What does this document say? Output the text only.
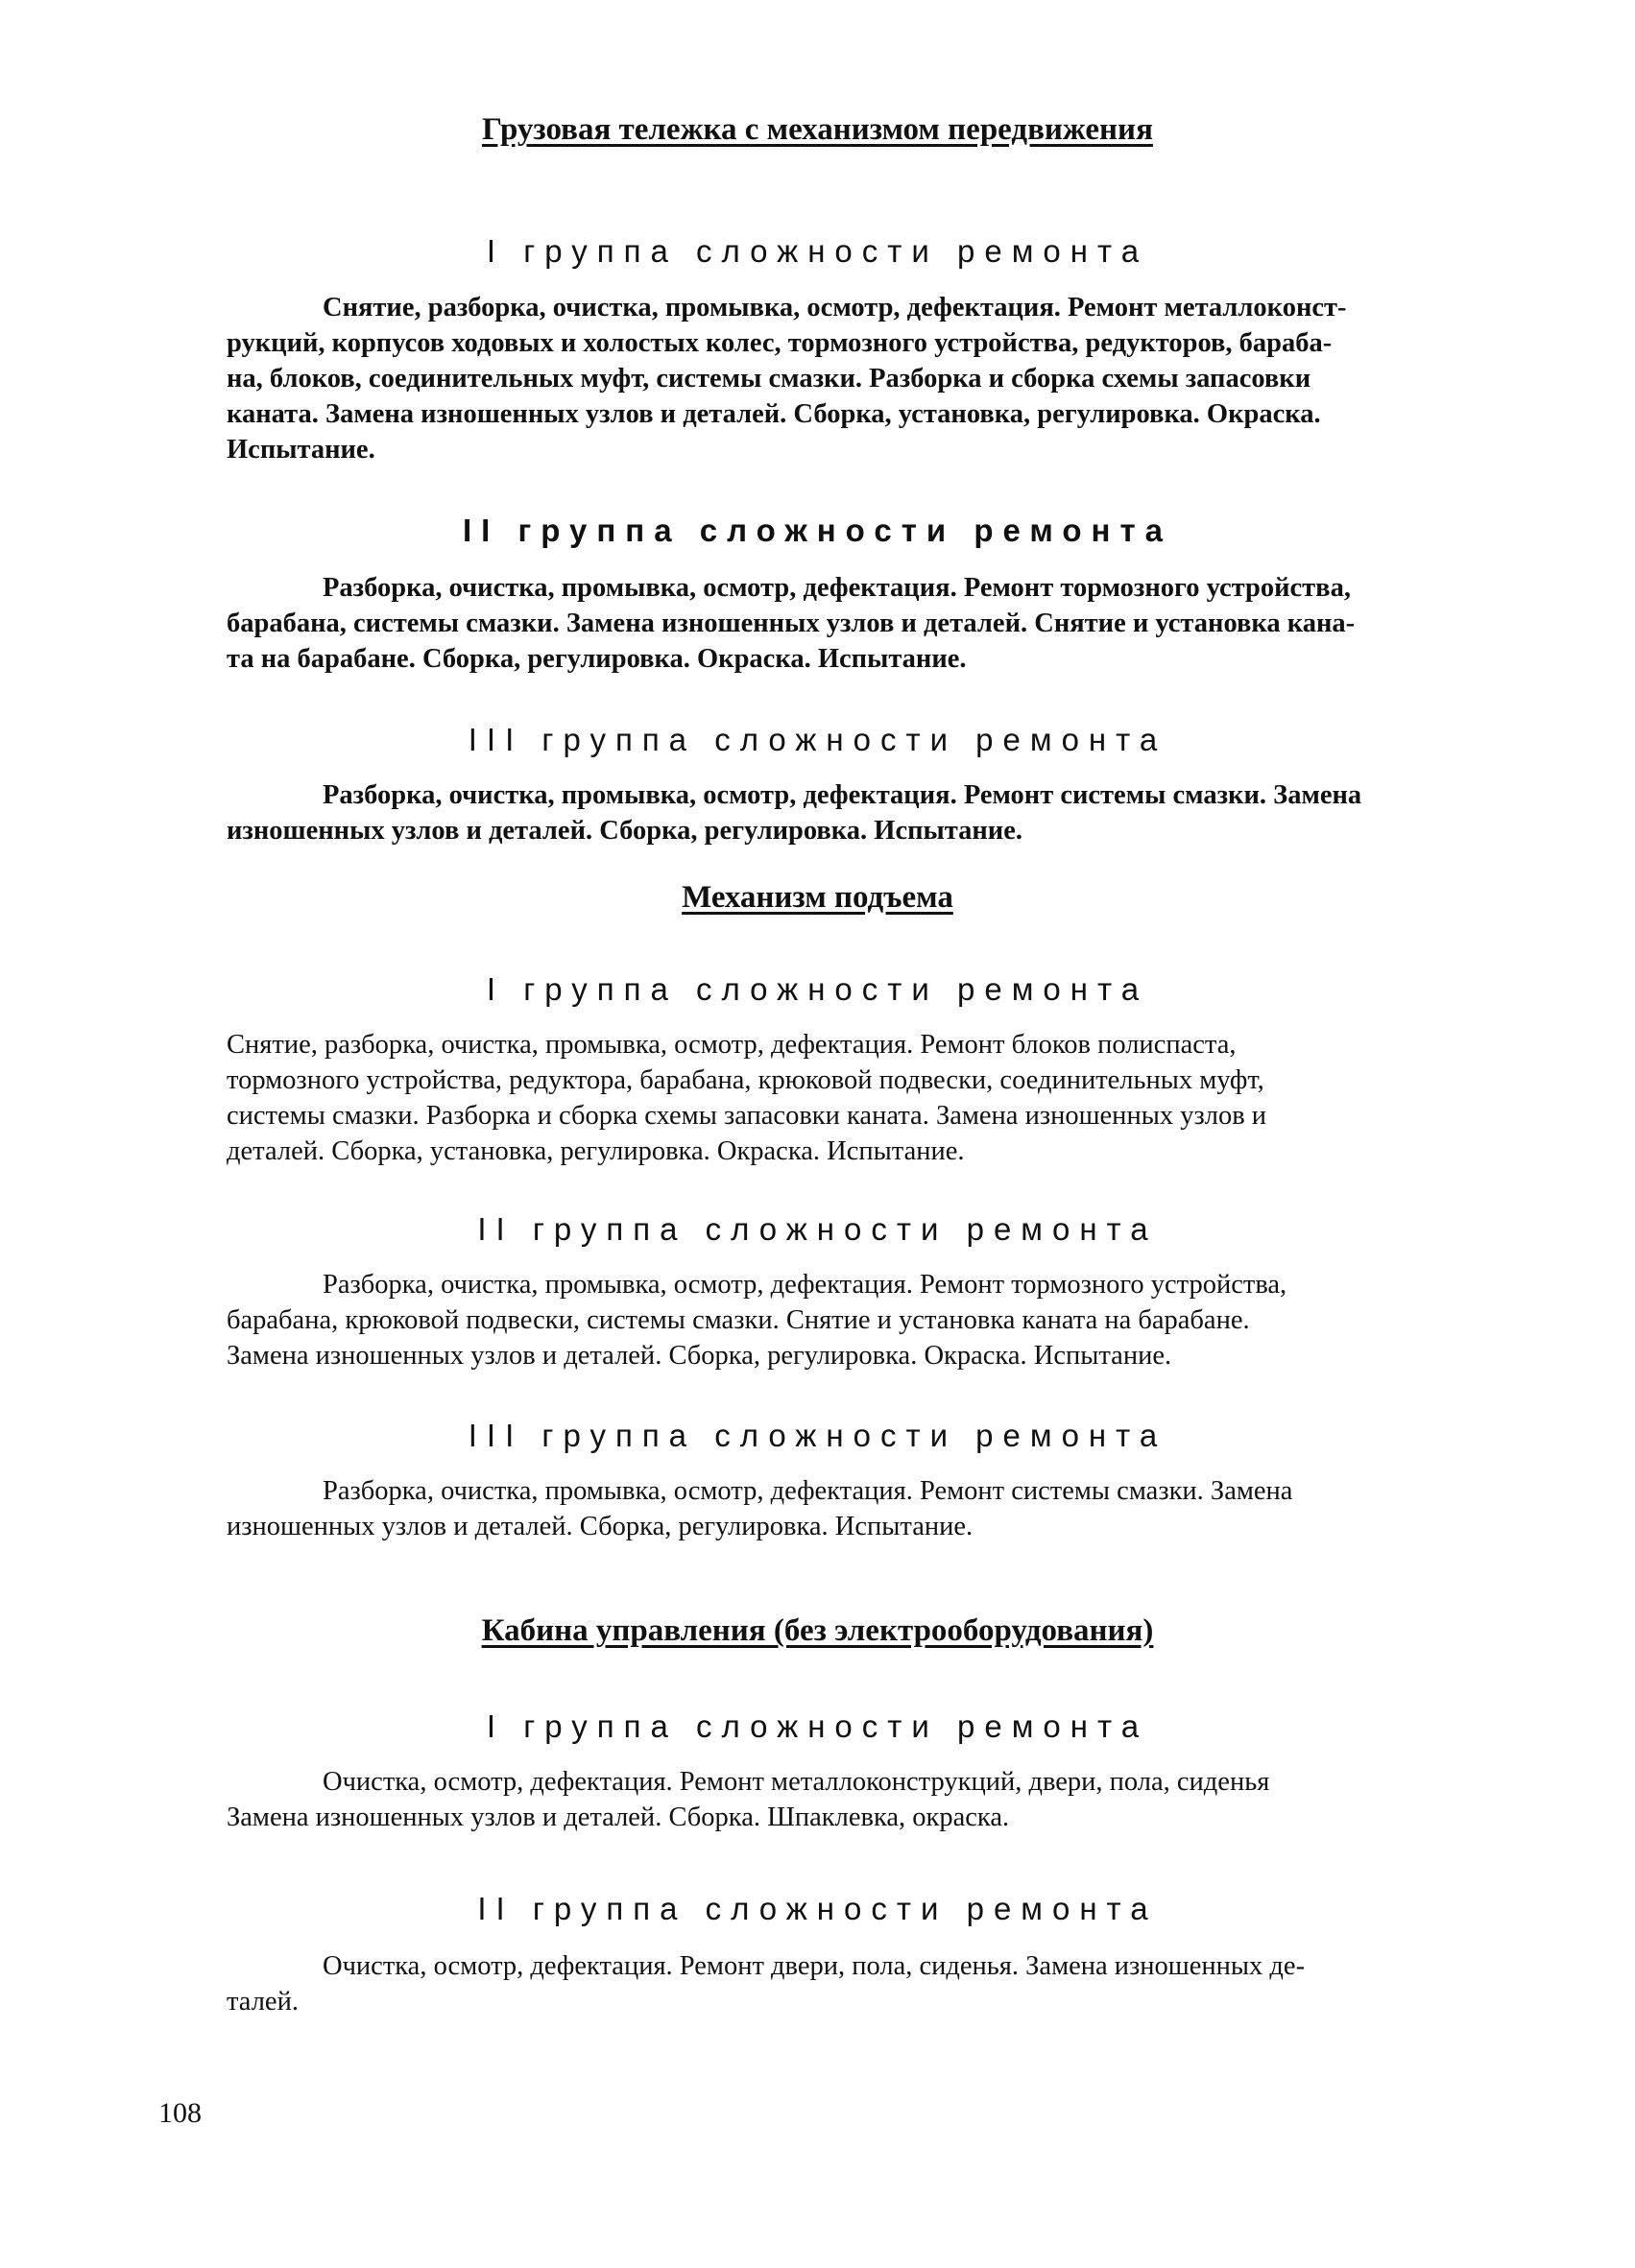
Грузовая тележка с механизмом передвижения
I группа сложности ремонта
Снятие, разборка, очистка, промывка, осмотр, дефектация. Ремонт металлоконст-
рукций, корпусов ходовых и холостых колес, тормозного устройства, редукторов, бараба-
на, блоков, соединительных муфт, системы смазки. Разборка и сборка схемы запасовки
каната. Замена изношенных узлов и деталей. Сборка, установка, регулировка. Окраска.
Испытание.
II группа сложности ремонта
Разборка, очистка, промывка, осмотр, дефектация. Ремонт тормозного устройства,
барабана, системы смазки. Замена изношенных узлов и деталей. Снятие и установка кана-
та на барабане. Сборка, регулировка. Окраска. Испытание.
III группа сложности ремонта
Разборка, очистка, промывка, осмотр, дефектация. Ремонт системы смазки. Замена
изношенных узлов и деталей. Сборка, регулировка. Испытание.
Механизм подъема
I группа сложности ремонта
Снятие, разборка, очистка, промывка, осмотр, дефектация. Ремонт блоков полиспаста,
тормозного устройства, редуктора, барабана, крюковой подвески, соединительных муфт,
системы смазки. Разборка и сборка схемы запасовки каната. Замена изношенных узлов и
деталей. Сборка, установка, регулировка. Окраска. Испытание.
II группа сложности ремонта
Разборка, очистка, промывка, осмотр, дефектация. Ремонт тормозного устройства,
барабана, крюковой подвески, системы смазки. Снятие и установка каната на барабане.
Замена изношенных узлов и деталей. Сборка, регулировка. Окраска. Испытание.
III группа сложности ремонта
Разборка, очистка, промывка, осмотр, дефектация. Ремонт системы смазки. Замена
изношенных узлов и деталей. Сборка, регулировка. Испытание.
Кабина управления (без электрооборудования)
I группа сложности ремонта
Очистка, осмотр, дефектация. Ремонт металлоконструкций, двери, пола, сиденья
Замена изношенных узлов и деталей. Сборка. Шпаклевка, окраска.
II группа сложности ремонта
Очистка, осмотр, дефектация. Ремонт двери, пола, сиденья. Замена изношенных де-
талей.
108
